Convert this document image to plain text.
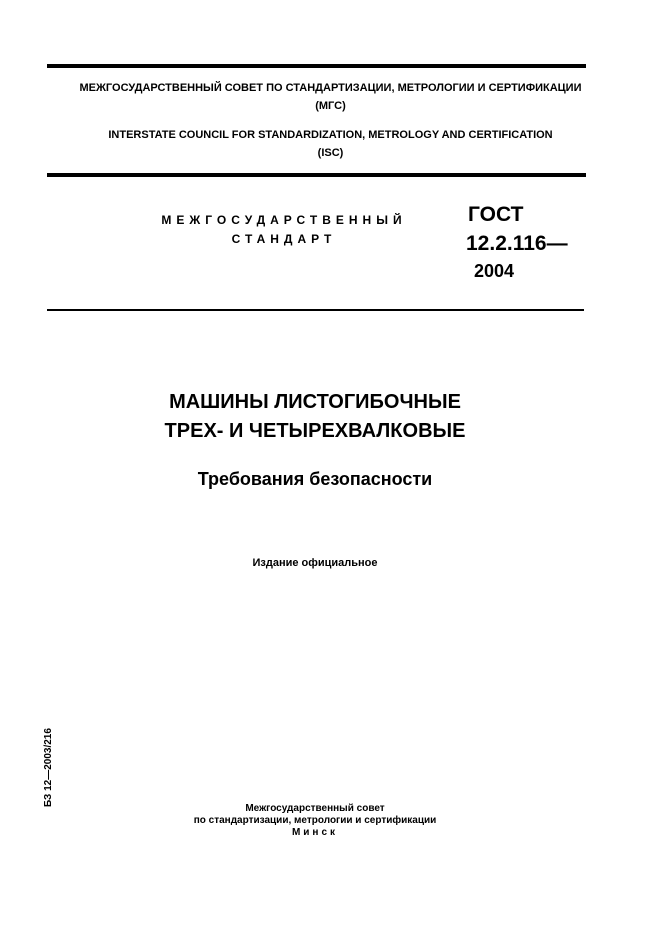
МЕЖГОСУДАРСТВЕННЫЙ СОВЕТ ПО СТАНДАРТИЗАЦИИ, МЕТРОЛОГИИ И СЕРТИФИКАЦИИ
(МГС)
INTERSTATE COUNCIL FOR STANDARDIZATION, METROLOGY AND CERTIFICATION
(ISC)
МЕЖГОСУДАРСТВЕННЫЙ
СТАНДАРТ
ГОСТ
12.2.116—
2004
МАШИНЫ ЛИСТОГИБОЧНЫЕ
ТРЕХ- И ЧЕТЫРЕХВАЛКОВЫЕ
Требования безопасности
Издание официальное
БЗ 12—2003/216
Межгосударственный совет
по стандартизации, метрологии и сертификации
Минск
